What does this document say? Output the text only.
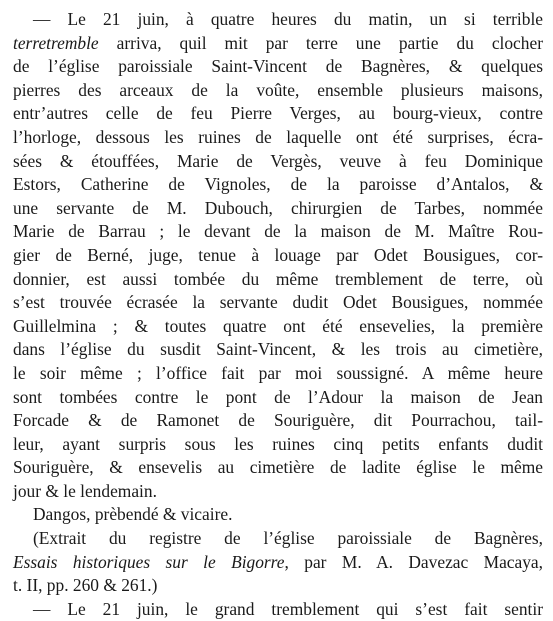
— Le 21 juin, à quatre heures du matin, un si terrible
terretremble arriva, quil mit par terre une partie du clocher
de l’église paroissiale Saint-Vincent de Bagnères, & quelques
pierres des arceaux de la voûte, ensemble plusieurs maisons,
entr’autres celle de feu Pierre Verges, au bourg-vieux, contre
l’horloge, dessous les ruines de laquelle ont été surprises, écra-
sées & étouffées, Marie de Vergès, veuve à feu Dominique
Estors, Catherine de Vignoles, de la paroisse d’Antalos, &
une servante de M. Dubouch, chirurgien de Tarbes, nommée
Marie de Barrau ; le devant de la maison de M. Maître Rou-
gier de Berné, juge, tenue à louage par Odet Bousigues, cor-
donnier, est aussi tombée du même tremblement de terre, où
s’est trouvée écrasée la servante dudit Odet Bousigues, nommée
Guillelmina ; & toutes quatre ont été ensevelies, la première
dans l’église du susdit Saint-Vincent, & les trois au cimetière,
le soir même ; l’office fait par moi soussigné. A même heure
sont tombées contre le pont de l’Adour la maison de Jean
Forcade & de Ramonet de Souriguère, dit Pourrachou, tail-
leur, ayant surpris sous les ruines cinq petits enfants dudit
Souriguère, & ensevelis au cimetière de ladite église le même
jour & le lendemain.
Dangos, prèbendé & vicaire.
(Extrait du registre de l’église paroissiale de Bagnères,
Essais historiques sur le Bigorre, par M. A. Davezac Macaya,
t. II, pp. 260 & 261.)
— Le 21 juin, le grand tremblement qui s’est fait sentir
